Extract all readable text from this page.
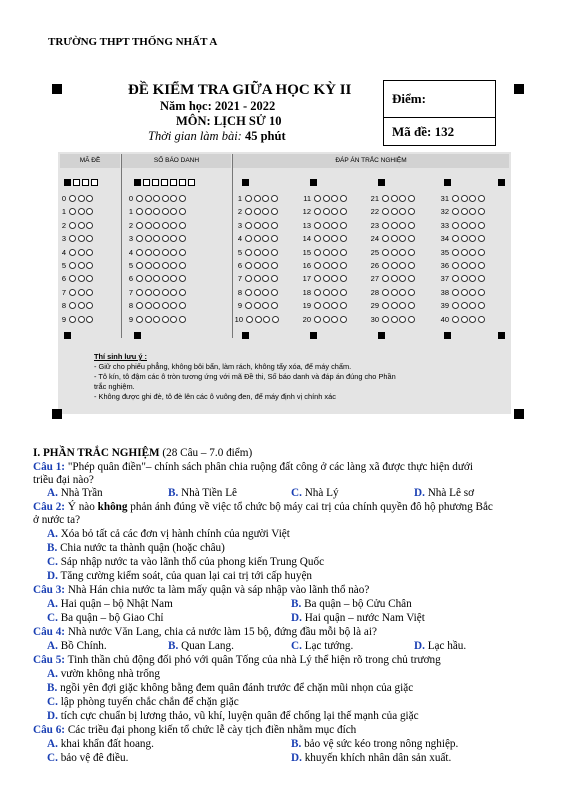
TRƯỜNG THPT THỐNG NHẤT A
ĐỀ KIỂM TRA GIỮA HỌC KỲ II
Năm học: 2021 - 2022
MÔN: LỊCH SỬ 10
Thời gian làm bài: 45 phút
Điểm:
Mã đề: 132
MÃ ĐỀ	SỐ BÁO DANH	ĐÁP ÁN TRẮC NGHIỆM
0	0	1	11	21	31
1	1	2	12	22	32
2	2	3	13	23	33
3	3	4	14	24	34
4	4	5	15	25	35
5	5	6	16	26	36
6	6	7	17	27	37
7	7	8	18	28	38
8	8	9	19	29	39
9	9	10	20	30	40
Thí sinh lưu ý :
- Giữ cho phiếu phẳng, không bôi bẩn, làm rách, không tẩy xóa, để máy chấm.
- Tô kín, tô đậm các ô tròn tương ứng với mã Đề thi, Số báo danh và đáp án đúng cho Phần
trắc nghiệm.
- Không được ghi đè, tô đè lên các ô vuông đen, để máy định vị chính xác
I. PHẦN TRẮC NGHIỆM (28 Câu – 7.0 điểm)
Câu 1: "Phép quân điền"– chính sách phân chia ruộng đất công ở các làng xã được thực hiện dưới
triều đại nào?
A. Nhà Trần	B. Nhà Tiền Lê	C. Nhà Lý	D. Nhà Lê sơ
Câu 2: Ý nào không phản ánh đúng về việc tổ chức bộ máy cai trị của chính quyền đô hộ phương Bắc
ở nước ta?
A. Xóa bỏ tất cả các đơn vị hành chính của người Việt
B. Chia nước ta thành quận (hoặc châu)
C. Sáp nhập nước ta vào lãnh thổ của phong kiến Trung Quốc
D. Tăng cường kiểm soát, của quan lại cai trị tới cấp huyện
Câu 3: Nhà Hán chia nước ta làm mấy quận và sáp nhập vào lãnh thổ nào?
A. Hai quận – bộ Nhật Nam	B. Ba quận – bộ Cửu Chân
C. Ba quận – bộ Giao Chỉ	D. Hai quận – nước Nam Việt
Câu 4: Nhà nước Văn Lang, chia cả nước làm 15 bộ, đứng đầu mỗi bộ là ai?
A. Bồ Chính.	B. Quan Lang.	C. Lạc tướng.	D. Lạc hầu.
Câu 5: Tinh thần chủ động đối phó với quân Tống của nhà Lý thể hiện rõ trong chủ trương
A. vườn không nhà trống
B. ngồi yên đợi giặc không bằng đem quân đánh trước để chặn mũi nhọn của giặc
C. lập phòng tuyến chắc chắn để chặn giặc
D. tích cực chuẩn bị lương thảo, vũ khí, luyện quân để chống lại thế mạnh của giặc
Câu 6: Các triều đại phong kiến tổ chức lễ cày tịch điền nhằm mục đích
A. khai khẩn đất hoang.	B. bảo vệ sức kéo trong nông nghiệp.
C. bảo vệ đê điều.	D. khuyến khích nhân dân sản xuất.
